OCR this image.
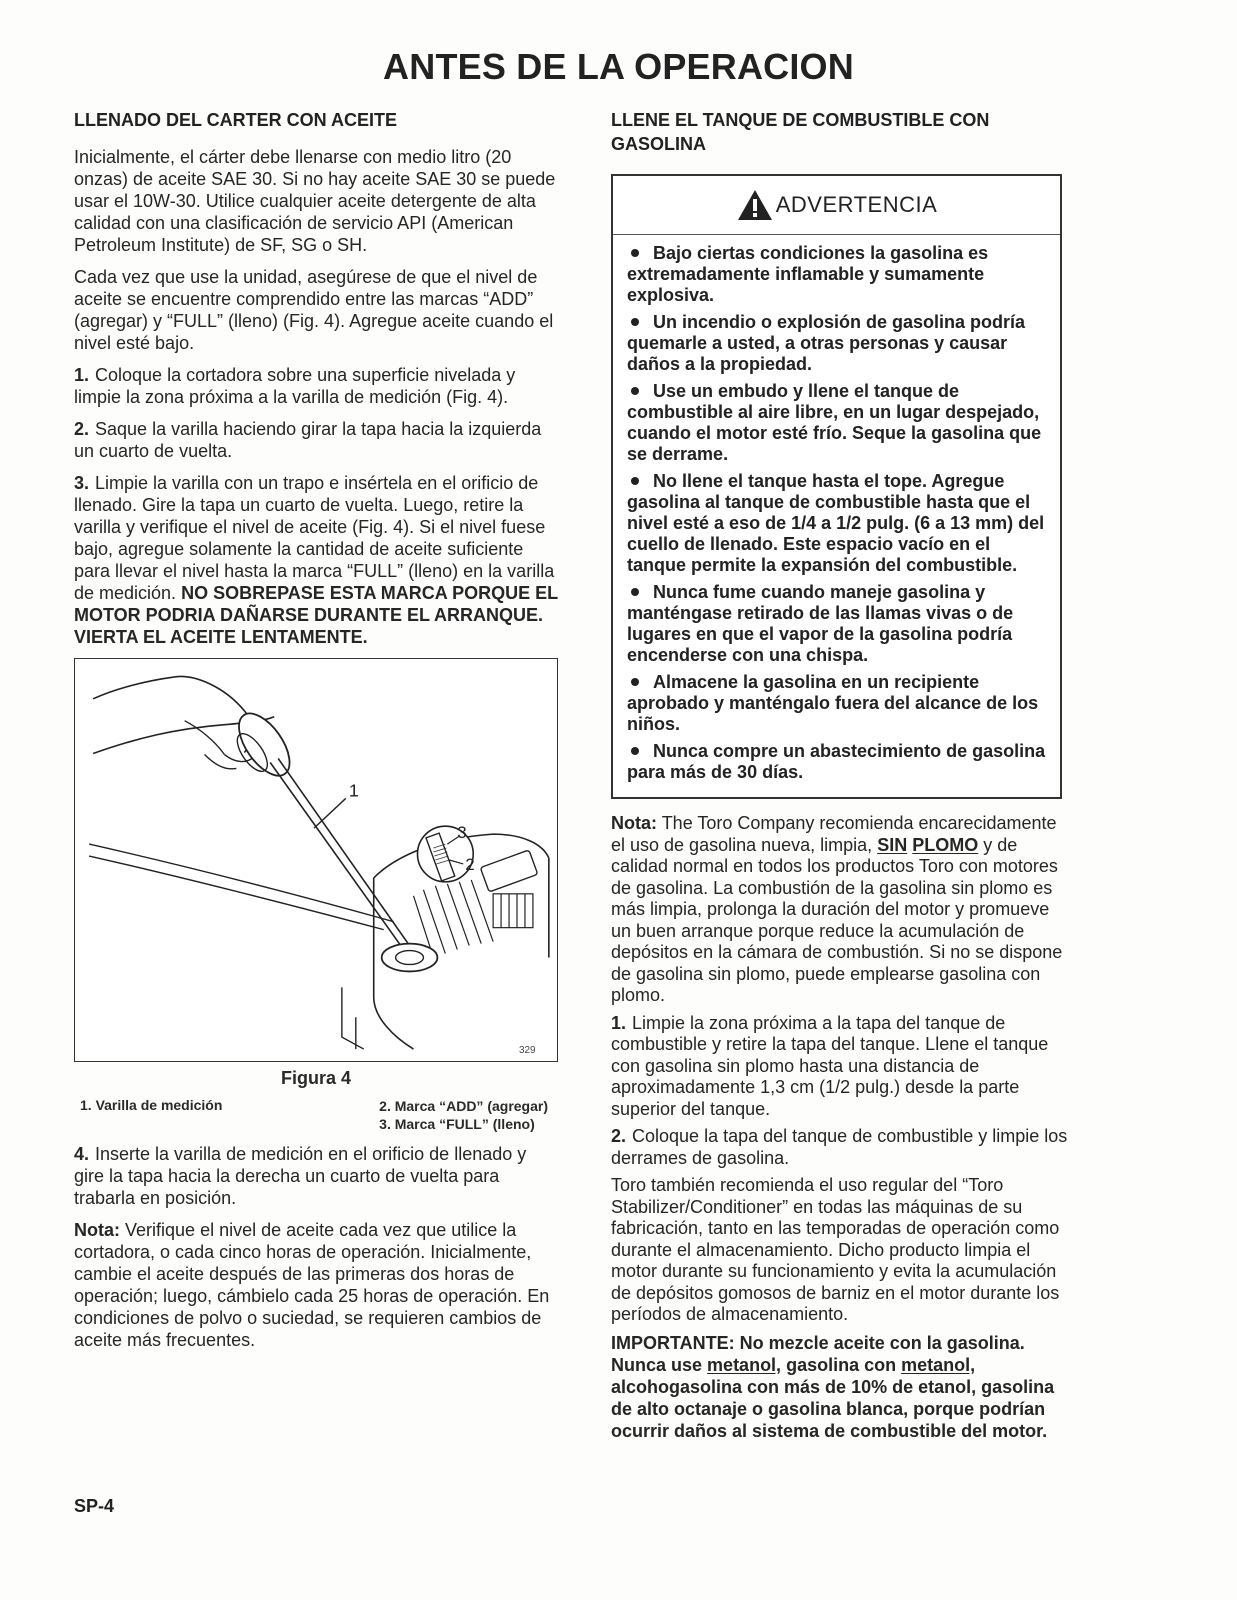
ANTES DE LA OPERACION
LLENADO DEL CARTER CON ACEITE

Inicialmente, el cárter debe llenarse con medio litro (20 onzas) de aceite SAE 30. Si no hay aceite SAE 30 se puede usar el 10W-30. Utilice cualquier aceite detergente de alta calidad con una clasificación de servicio API (American Petroleum Institute) de SF, SG o SH.

Cada vez que use la unidad, asegúrese de que el nivel de aceite se encuentre comprendido entre las marcas “ADD” (agregar) y “FULL” (lleno) (Fig. 4). Agregue aceite cuando el nivel esté bajo.

1. Coloque la cortadora sobre una superficie nivelada y limpie la zona próxima a la varilla de medición (Fig. 4).

2. Saque la varilla haciendo girar la tapa hacia la izquierda un cuarto de vuelta.

3. Limpie la varilla con un trapo e insértela en el orificio de llenado. Gire la tapa un cuarto de vuelta. Luego, retire la varilla y verifique el nivel de aceite (Fig. 4). Si el nivel fuese bajo, agregue solamente la cantidad de aceite suficiente para llevar el nivel hasta la marca “FULL” (lleno) en la varilla de medición. NO SOBREPASE ESTA MARCA PORQUE EL MOTOR PODRIA DAÑARSE DURANTE EL ARRANQUE. VIERTA EL ACEITE LENTAMENTE.

1
3
2
329
Figura 4
1. Varilla de medición	2. Marca “ADD” (agregar)
3. Marca “FULL” (lleno)

4. Inserte la varilla de medición en el orificio de llenado y gire la tapa hacia la derecha un cuarto de vuelta para trabarla en posición.

Nota: Verifique el nivel de aceite cada vez que utilice la cortadora, o cada cinco horas de operación. Inicialmente, cambie el aceite después de las primeras dos horas de operación; luego, cámbielo cada 25 horas de operación. En condiciones de polvo o suciedad, se requieren cambios de aceite más frecuentes.

LLENE EL TANQUE DE COMBUSTIBLE CON GASOLINA
ADVERTENCIA
Bajo ciertas condiciones la gasolina es extremadamente inflamable y sumamente explosiva.
Un incendio o explosión de gasolina podría quemarle a usted, a otras personas y causar daños a la propiedad.
Use un embudo y llene el tanque de combustible al aire libre, en un lugar despejado, cuando el motor esté frío. Seque la gasolina que se derrame.
No llene el tanque hasta el tope. Agregue gasolina al tanque de combustible hasta que el nivel esté a eso de 1/4 a 1/2 pulg. (6 a 13 mm) del cuello de llenado. Este espacio vacío en el tanque permite la expansión del combustible.
Nunca fume cuando maneje gasolina y manténgase retirado de las llamas vivas o de lugares en que el vapor de la gasolina podría encenderse con una chispa.
Almacene la gasolina en un recipiente aprobado y manténgalo fuera del alcance de los niños.
Nunca compre un abastecimiento de gasolina para más de 30 días.

Nota: The Toro Company recomienda encarecidamente el uso de gasolina nueva, limpia, SIN PLOMO y de calidad normal en todos los productos Toro con motores de gasolina. La combustión de la gasolina sin plomo es más limpia, prolonga la duración del motor y promueve un buen arranque porque reduce la acumulación de depósitos en la cámara de combustión. Si no se dispone de gasolina sin plomo, puede emplearse gasolina con plomo.

1. Limpie la zona próxima a la tapa del tanque de combustible y retire la tapa del tanque. Llene el tanque con gasolina sin plomo hasta una distancia de aproximadamente 1,3 cm (1/2 pulg.) desde la parte superior del tanque.

2. Coloque la tapa del tanque de combustible y limpie los derrames de gasolina.

Toro también recomienda el uso regular del “Toro Stabilizer/Conditioner” en todas las máquinas de su fabricación, tanto en las temporadas de operación como durante el almacenamiento. Dicho producto limpia el motor durante su funcionamiento y evita la acumulación de depósitos gomosos de barniz en el motor durante los períodos de almacenamiento.

IMPORTANTE: No mezcle aceite con la gasolina. Nunca use metanol, gasolina con metanol, alcohogasolina con más de 10% de etanol, gasolina de alto octanaje o gasolina blanca, porque podrían ocurrir daños al sistema de combustible del motor.

SP-4
